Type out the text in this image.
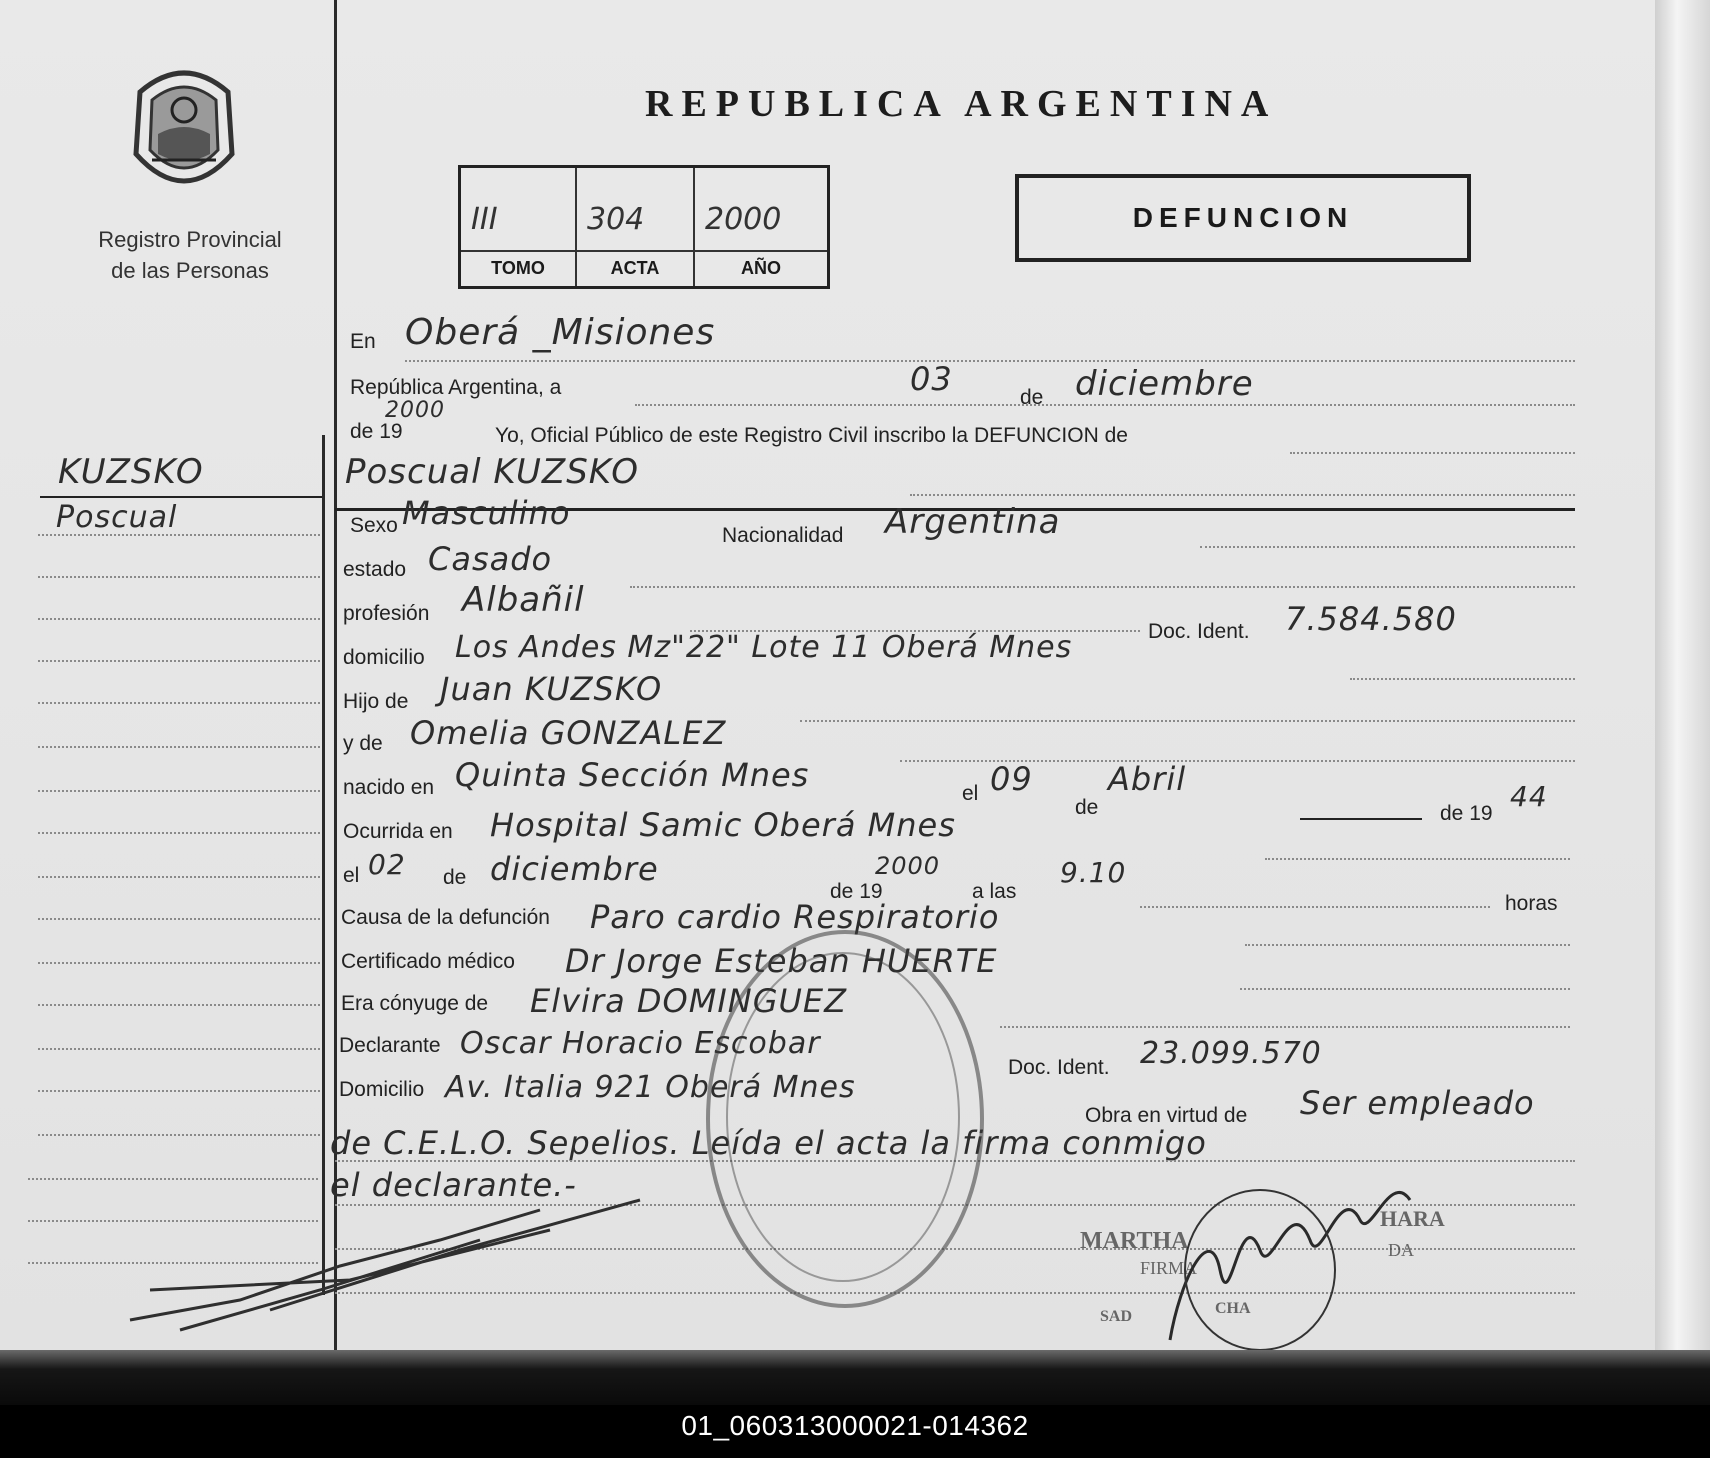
Registro Provincial
de las Personas
KUZSKO
Poscual
REPUBLICA ARGENTINA
III	304 2000
TOMO	ACTA	AÑO
DEFUNCION
En Oberá _Misiones
República Argentina, a	03	de diciembre
2000
de 19	Yo, Oficial Público de este Registro Civil inscribo la DEFUNCION de
Poscual KUZSKO
Sexo Masculino
Nacionalidad Argentina
estado Casado
profesión Albañil
Doc. Ident. 7.584.580
domicilio Los Andes Mz"22" Lote 11 Oberá Mnes
Hijo de Juan KUZSKO
y de Omelia GONZALEZ
nacido en Quinta Sección Mnes	el 09
de
Abril
de 19
44
Ocurrida en Hospital Samic Oberá Mnes
el 02 de diciembre
de 19
2000
a las
9.10
horas
Causa de la defunción Paro cardio Respiratorio
Certificado médico Dr Jorge Esteban HUERTE
Era cónyuge de Elvira DOMINGUEZ
Declarante Oscar Horacio Escobar
Doc. Ident. 23.099.570
Domicilio Av. Italia 921 Oberá Mnes
Obra en virtud de Ser empleado
de C.E.L.O. Sepelios. Leída el acta la firma conmigo
el declarante.-
MARTHA
HARA
FIRMA
DA
SAD	CHA
01_060313000021-014362
